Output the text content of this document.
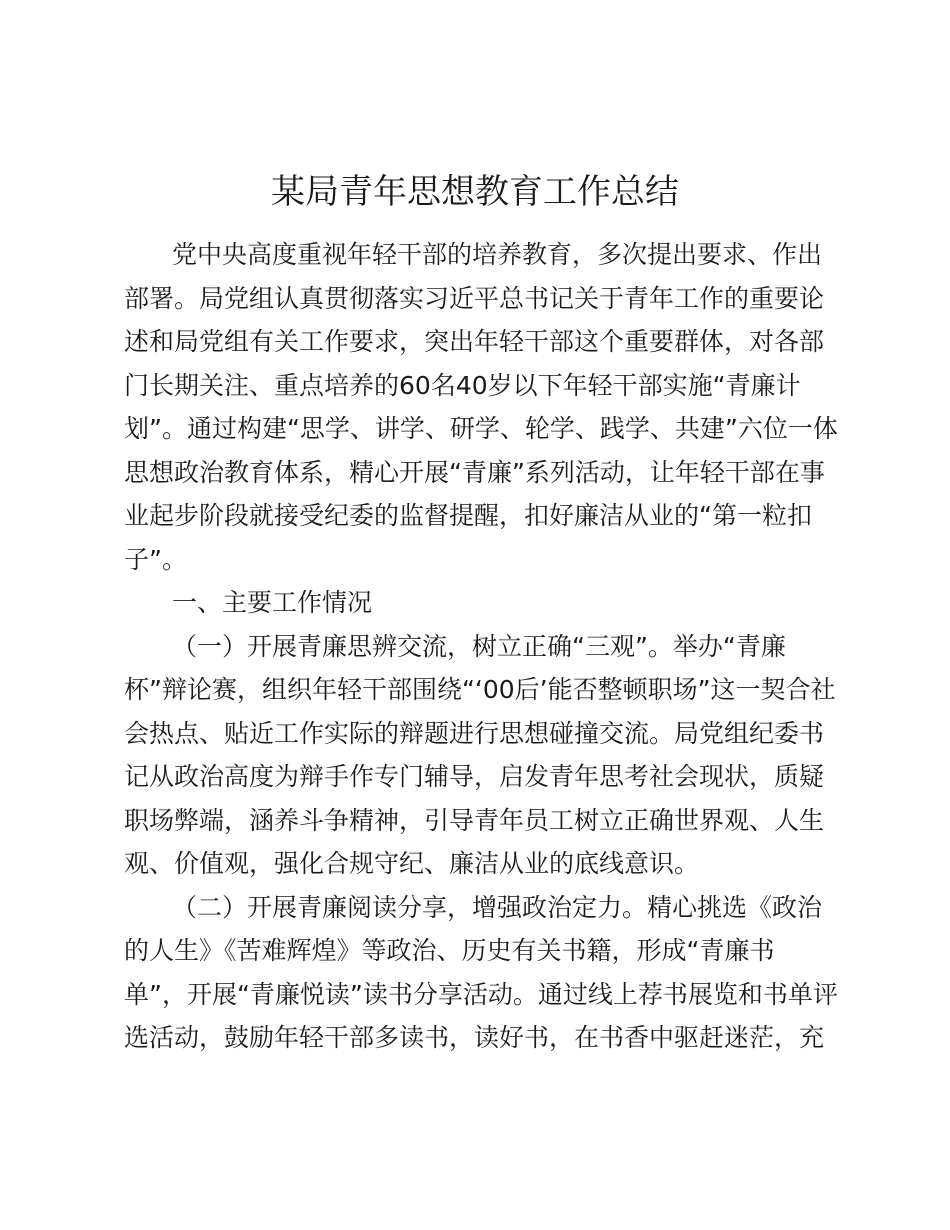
某局青年思想教育工作总结
党中央高度重视年轻干部的培养教育，多次提出要求、作出
部署。局党组认真贯彻落实习近平总书记关于青年工作的重要论
述和局党组有关工作要求，突出年轻干部这个重要群体，对各部
门长期关注、重点培养的60名40岁以下年轻干部实施“青廉计
划”。通过构建“思学、讲学、研学、轮学、践学、共建”六位一体
思想政治教育体系，精心开展“青廉”系列活动，让年轻干部在事
业起步阶段就接受纪委的监督提醒，扣好廉洁从业的“第一粒扣
子”。
一、主要工作情况
（一）开展青廉思辨交流，树立正确“三观”。举办“青廉
杯”辩论赛，组织年轻干部围绕“‘00后’能否整顿职场”这一契合社
会热点、贴近工作实际的辩题进行思想碰撞交流。局党组纪委书
记从政治高度为辩手作专门辅导，启发青年思考社会现状，质疑
职场弊端，涵养斗争精神，引导青年员工树立正确世界观、人生
观、价值观，强化合规守纪、廉洁从业的底线意识。
（二）开展青廉阅读分享，增强政治定力。精心挑选《政治
的人生》《苦难辉煌》等政治、历史有关书籍，形成“青廉书
单”，开展“青廉悦读”读书分享活动。通过线上荐书展览和书单评
选活动，鼓励年轻干部多读书，读好书，在书香中驱赶迷茫，充
